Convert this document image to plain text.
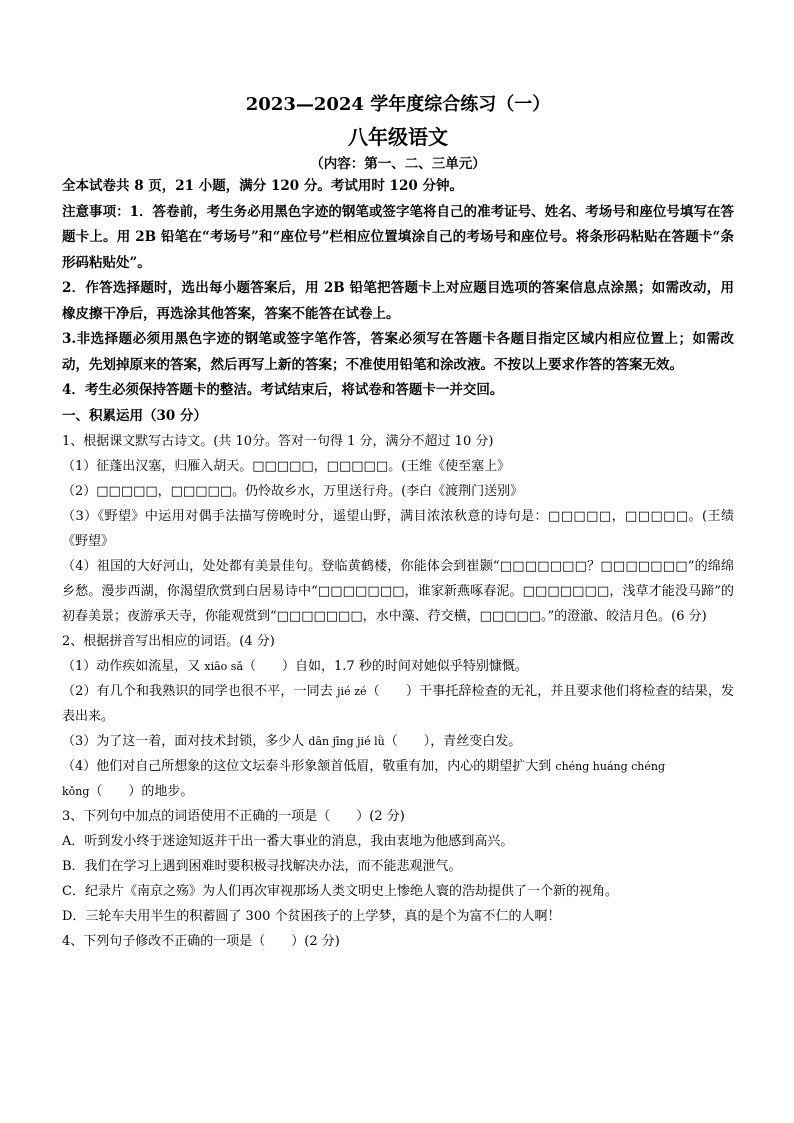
2023—2024 学年度综合练习（一）

八年级语文

（内容：第一、二、三单元）

全本试卷共 8 页，21 小题，满分 120 分。考试用时 120 分钟。

注意事项：1．答卷前，考生务必用黑色字迹的钢笔或签字笔将自己的准考证号、姓名、考场号和座位号填写在答题卡上。用 2B 铅笔在“考场号”和“座位号”栏相应位置填涂自己的考场号和座位号。将条形码粘贴在答题卡“条形码粘贴处”。

2．作答选择题时，选出每小题答案后，用 2B 铅笔把答题卡上对应题目选项的答案信息点涂黑；如需改动，用橡皮擦干净后，再选涂其他答案，答案不能答在试卷上。

3.非选择题必须用黑色字迹的钢笔或签字笔作答，答案必须写在答题卡各题目指定区域内相应位置上；如需改动，先划掉原来的答案，然后再写上新的答案；不准使用铅笔和涂改液。不按以上要求作答的答案无效。

4．考生必须保持答题卡的整洁。考试结束后，将试卷和答题卡一并交回。

一、积累运用（30 分）

1、根据课文默写古诗文。(共 10分。答对一句得 1 分，满分不超过 10 分)

（1）征蓬出汉塞，归雁入胡天。□□□□□，□□□□□。(王维《使至塞上》

（2）□□□□□，□□□□□。仍怜故乡水，万里送行舟。(李白《渡荆门送别》

（3）《野望》中运用对偶手法描写傍晚时分，遥望山野，满目浓浓秋意的诗句是：□□□□□，□□□□□。(王绩《野望》

（4）祖国的大好河山，处处都有美景佳句。登临黄鹤楼，你能体会到崔颢“□□□□□□□？□□□□□□□”的绵绵乡愁。漫步西湖，你渴望欣赏到白居易诗中“□□□□□□□，谁家新燕啄春泥。□□□□□□□，浅草才能没马蹄”的初春美景；夜游承天寺，你能观赏到“□□□□□□□，水中藻、荇交横，□□□□□。”的澄澈、皎洁月色。(6 分)

2、根据拼音写出相应的词语。(4 分)

（1）动作疾如流星，又 xiāo sǎ（　　）自如，1.7 秒的时间对她似乎特别慷慨。

（2）有几个和我熟识的同学也很不平，一同去 jié zé（　　）干事托辞检查的无礼，并且要求他们将检查的结果，发表出来。

（3）为了这一着，面对技术封锁，多少人 dān jīng jié lǜ（　　），青丝变白发。

（4）他们对自己所想象的这位文坛泰斗形象颔首低眉，敬重有加，内心的期望扩大到 chéng huáng chéng
kǒng（　　）的地步。

3、下列句中加点的词语使用不正确的一项是（　　）(2 分)

A．听到发小终于迷途知返并干出一番大事业的消息，我由衷地为他感到高兴。

B．我们在学习上遇到困难时要积极寻找解决办法，而不能悲观泄气。

C．纪录片《南京之殇》为人们再次审视那场人类文明史上惨绝人寰的浩劫提供了一个新的视角。

D．三轮车夫用半生的积蓄圆了 300 个贫困孩子的上学梦，真的是个为富不仁的人啊！

4、下列句子修改不正确的一项是（　　）(2 分)
